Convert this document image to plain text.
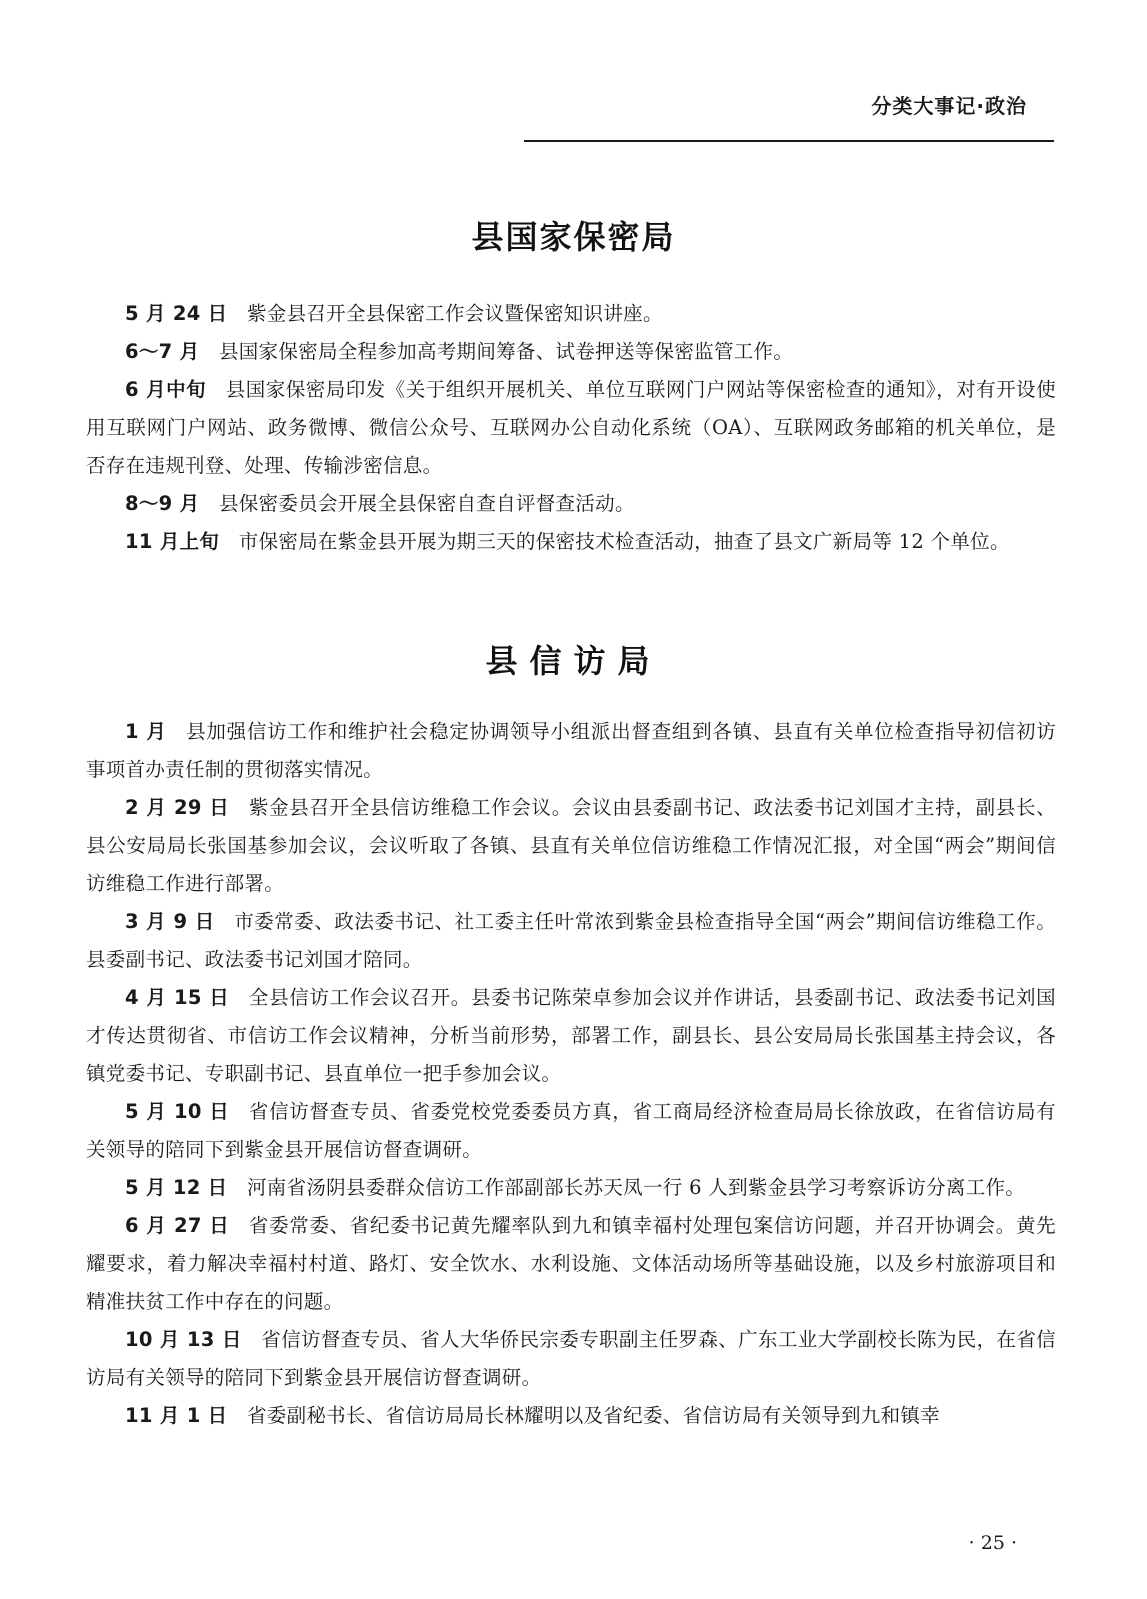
分类大事记·政治
县国家保密局

5 月 24 日 紫金县召开全县保密工作会议暨保密知识讲座。

6～7 月 县国家保密局全程参加高考期间筹备、试卷押送等保密监管工作。

6 月中旬 县国家保密局印发《关于组织开展机关、单位互联网门户网站等保密检查的通知》，对有开设使用互联网门户网站、政务微博、微信公众号、互联网办公自动化系统（OA）、互联网政务邮箱的机关单位，是否存在违规刊登、处理、传输涉密信息。

8～9 月 县保密委员会开展全县保密自查自评督查活动。

11 月上旬 市保密局在紫金县开展为期三天的保密技术检查活动，抽查了县文广新局等 12 个单位。

县信访局

1 月 县加强信访工作和维护社会稳定协调领导小组派出督查组到各镇、县直有关单位检查指导初信初访事项首办责任制的贯彻落实情况。

2 月 29 日 紫金县召开全县信访维稳工作会议。会议由县委副书记、政法委书记刘国才主持，副县长、县公安局局长张国基参加会议，会议听取了各镇、县直有关单位信访维稳工作情况汇报，对全国“两会”期间信访维稳工作进行部署。

3 月 9 日 市委常委、政法委书记、社工委主任叶常浓到紫金县检查指导全国“两会”期间信访维稳工作。县委副书记、政法委书记刘国才陪同。

4 月 15 日 全县信访工作会议召开。县委书记陈荣卓参加会议并作讲话，县委副书记、政法委书记刘国才传达贯彻省、市信访工作会议精神，分析当前形势，部署工作，副县长、县公安局局长张国基主持会议，各镇党委书记、专职副书记、县直单位一把手参加会议。

5 月 10 日 省信访督查专员、省委党校党委委员方真，省工商局经济检查局局长徐放政，在省信访局有关领导的陪同下到紫金县开展信访督查调研。

5 月 12 日 河南省汤阴县委群众信访工作部副部长苏天凤一行 6 人到紫金县学习考察诉访分离工作。

6 月 27 日 省委常委、省纪委书记黄先耀率队到九和镇幸福村处理包案信访问题，并召开协调会。黄先耀要求，着力解决幸福村村道、路灯、安全饮水、水利设施、文体活动场所等基础设施，以及乡村旅游项目和精准扶贫工作中存在的问题。

10 月 13 日 省信访督查专员、省人大华侨民宗委专职副主任罗森、广东工业大学副校长陈为民，在省信访局有关领导的陪同下到紫金县开展信访督查调研。

11 月 1 日 省委副秘书长、省信访局局长林耀明以及省纪委、省信访局有关领导到九和镇幸

· 25 ·
